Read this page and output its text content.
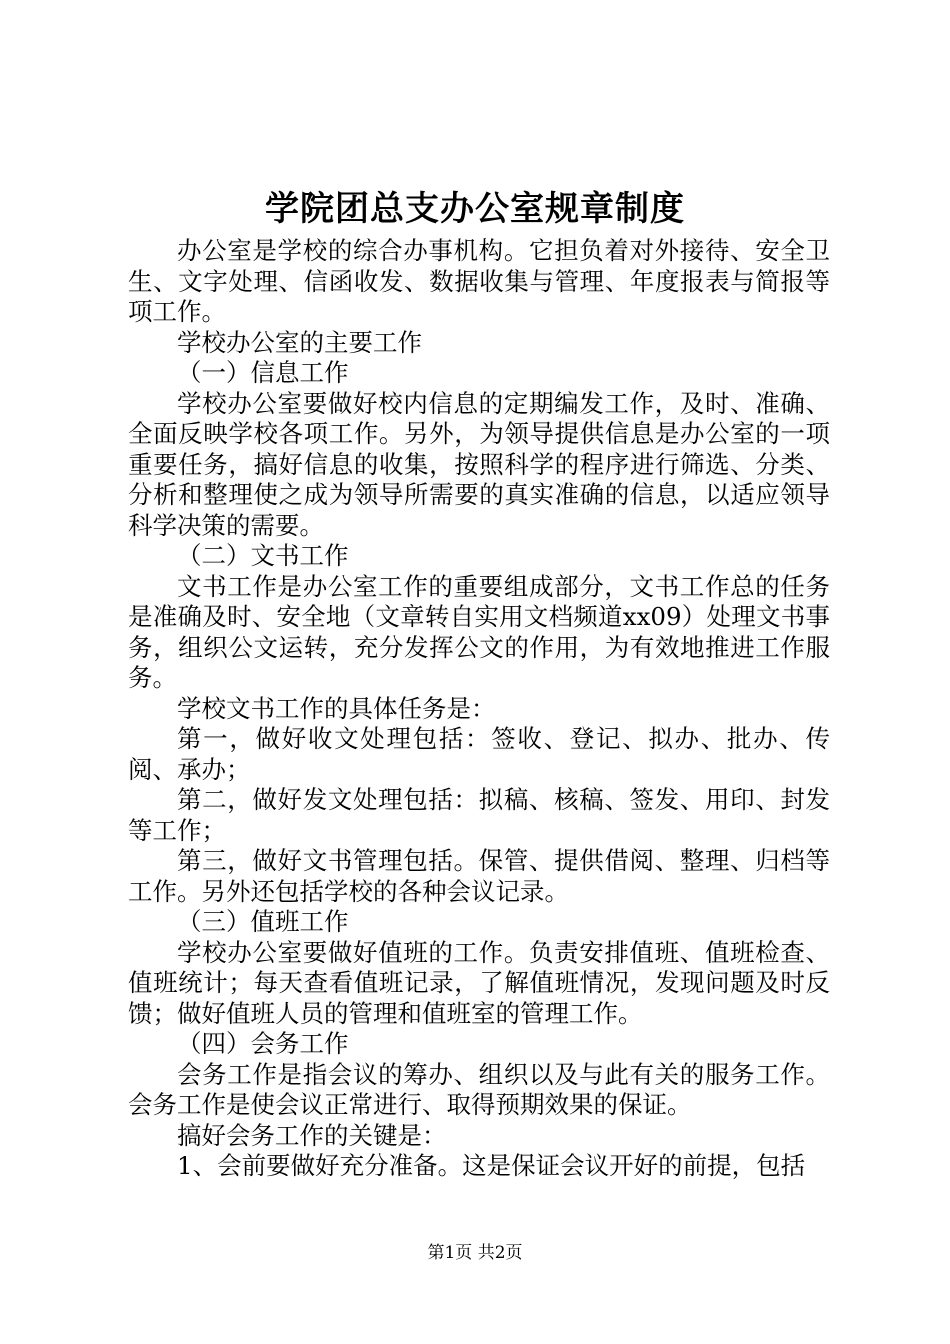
学院团总支办公室规章制度

办公室是学校的综合办事机构。它担负着对外接待、安全卫生、文字处理、信函收发、数据收集与管理、年度报表与简报等项工作。

学校办公室的主要工作

（一）信息工作

学校办公室要做好校内信息的定期编发工作，及时、准确、全面反映学校各项工作。另外，为领导提供信息是办公室的一项重要任务，搞好信息的收集，按照科学的程序进行筛选、分类、分析和整理使之成为领导所需要的真实准确的信息，以适应领导科学决策的需要。

（二）文书工作

文书工作是办公室工作的重要组成部分，文书工作总的任务是准确及时、安全地（文章转自实用文档频道xx09）处理文书事务，组织公文运转，充分发挥公文的作用，为有效地推进工作服务。

学校文书工作的具体任务是：

第一，做好收文处理包括：签收、登记、拟办、批办、传阅、承办；

第二，做好发文处理包括：拟稿、核稿、签发、用印、封发等工作；

第三，做好文书管理包括。保管、提供借阅、整理、归档等工作。另外还包括学校的各种会议记录。

（三）值班工作

学校办公室要做好值班的工作。负责安排值班、值班检查、值班统计；每天查看值班记录，了解值班情况，发现问题及时反馈；做好值班人员的管理和值班室的管理工作。

（四）会务工作

会务工作是指会议的筹办、组织以及与此有关的服务工作。会务工作是使会议正常进行、取得预期效果的保证。

搞好会务工作的关键是：

1、会前要做好充分准备。这是保证会议开好的前提，包括

第1页 共2页
